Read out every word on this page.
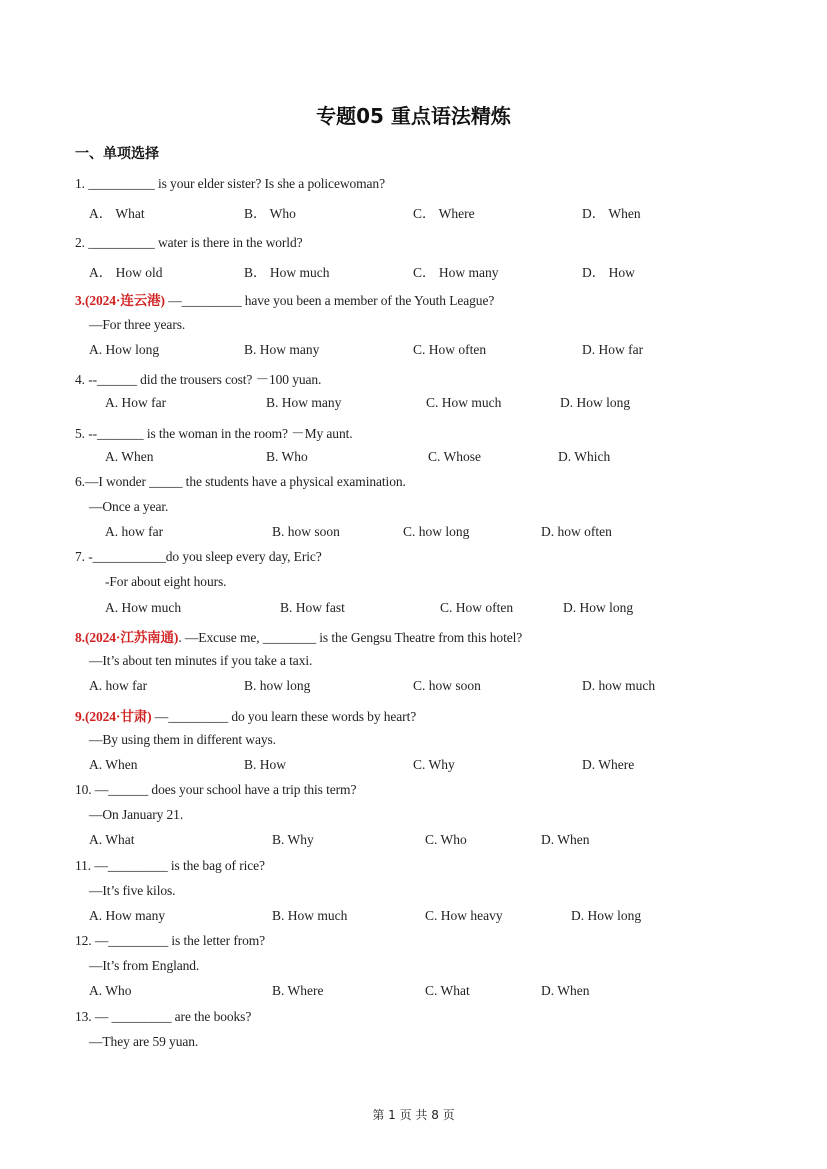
专题05 重点语法精炼
一、单项选择
1. __________ is your elder sister? Is she a policewoman?
A． What	B． Who	C． Where	D． When
2. __________ water is there in the world?
A． How old	B． How much	C． How many	D． How
3.(2024·连云港) —_________ have you been a member of the Youth League?
—For three years.
A. How long	B. How many	C. How often	D. How far
4. --______ did the trousers cost? －100 yuan.
A. How far	B. How many	C. How much	D. How long
5. --_______ is the woman in the room? －My aunt.
A. When	B. Who	C. Whose	D. Which
6.—I wonder _____ the students have a physical examination.
—Once a year.
A. how far	B. how soon	C. how long	D. how often
7. -___________do you sleep every day, Eric?
-For about eight hours.
A. How much	B. How fast	C. How often	D. How long
8.(2024·江苏南通). —Excuse me, ________ is the Gengsu Theatre from this hotel?
—It’s about ten minutes if you take a taxi.
A. how far	B. how long	C. how soon	D. how much
9.(2024·甘肃) —_________ do you learn these words by heart?
—By using them in different ways.
A. When	B. How	C. Why	D. Where
10. —______ does your school have a trip this term?
—On January 21.
A. What	B. Why	C. Who	D. When
11. —_________ is the bag of rice?
—It’s five kilos.
A. How many	B. How much	C. How heavy	D. How long
12. —_________ is the letter from?
—It’s from England.
A. Who	B. Where	C. What	D. When
13. — _________ are the books?
—They are 59 yuan.
第 1 页 共 8 页
